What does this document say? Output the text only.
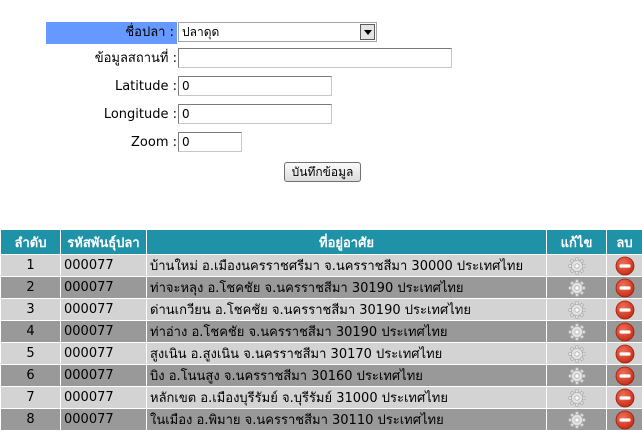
ชื่อปลา : ปลาดุด
ข้อมูลสถานที่ :
Latitude :
0
Longitude :
0
Zoom :
0
บันทึกข้อมูล
ลำดับ	รหัสพันธุ์ปลา	ที่อยู่อาศัย	แก้ไข	ลบ
1	000077	บ้านใหม่ อ.เมืองนครราชศรีมา จ.นครราชสีมา 30000 ประเทศไทย	

2	000077	ท่าจะหลุง อ.โชคชัย จ.นครราชสีมา 30190 ประเทศไทย	

3	000077	ด่านเกวียน อ.โชคชัย จ.นครราชสีมา 30190 ประเทศไทย	

4	000077	ท่าอ่าง อ.โชคชัย จ.นครราชสีมา 30190 ประเทศไทย	

5	000077	สูงเนิน อ.สูงเนิน จ.นครราชสีมา 30170 ประเทศไทย	

6	000077	บิง อ.โนนสูง จ.นครราชสีมา 30160 ประเทศไทย	

7	000077	หลักเขต อ.เมืองบุรีรัมย์ จ.บุรีรัมย์ 31000 ประเทศไทย	

8	000077	ในเมือง อ.พิมาย จ.นครราชสีมา 30110 ประเทศไทย	
